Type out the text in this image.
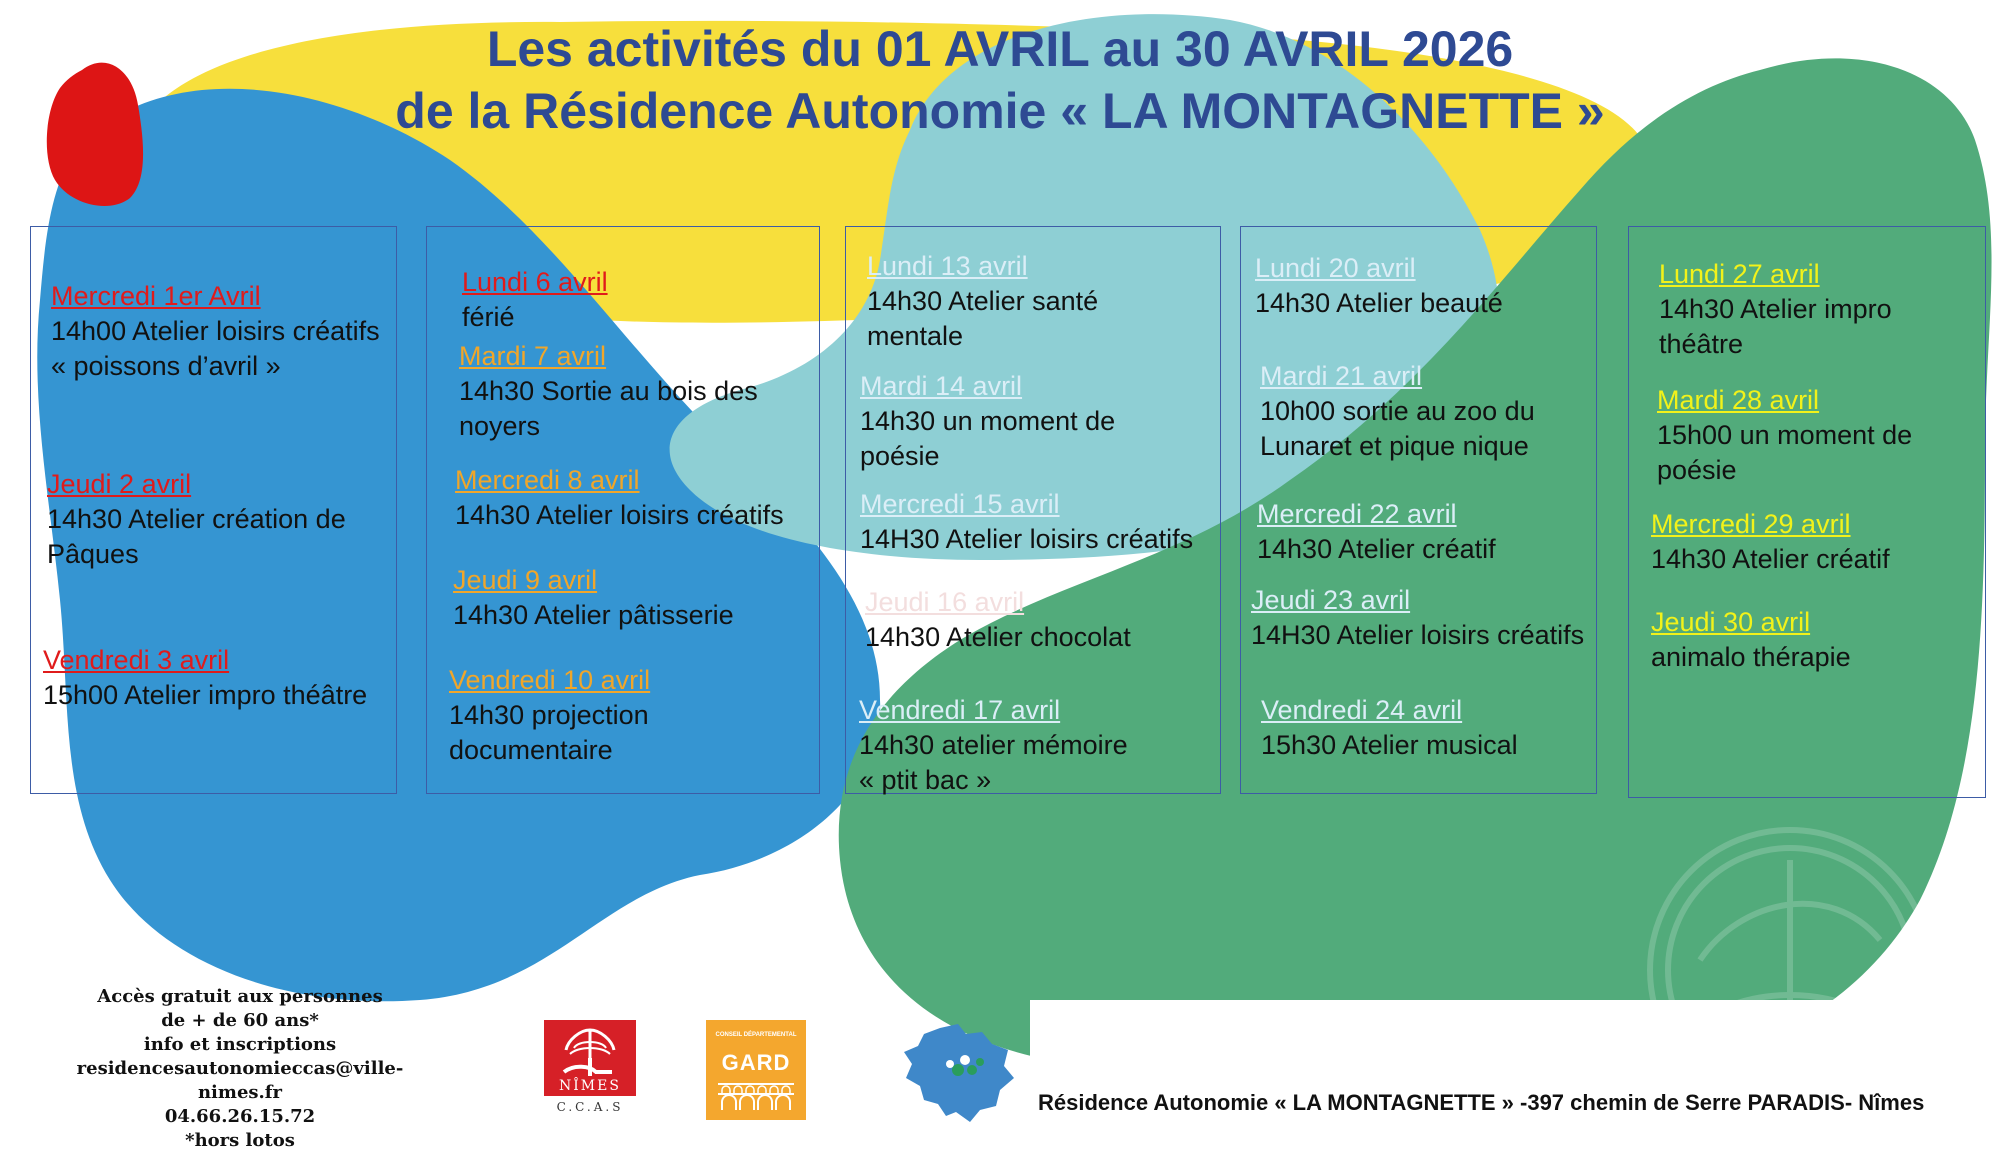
Les activités du 01 AVRIL au 30 AVRIL 2026
de la Résidence Autonomie « LA MONTAGNETTE »
Mercredi 1er Avril
14h00 Atelier loisirs créatifs
« poissons d’avril »
Jeudi 2 avril
14h30 Atelier création de
Pâques
Vendredi 3 avril
15h00 Atelier impro théâtre
Lundi 6 avril
férié
Mardi 7 avril
14h30 Sortie au bois des
noyers
Mercredi 8 avril
14h30 Atelier loisirs créatifs
Jeudi 9 avril
14h30 Atelier pâtisserie
Vendredi 10 avril
14h30 projection
documentaire
Lundi 13 avril
14h30 Atelier santé
mentale
Mardi 14 avril
14h30 un moment de
poésie
Mercredi 15 avril
14H30 Atelier loisirs créatifs
Jeudi 16 avril
14h30 Atelier chocolat
Vendredi 17 avril
14h30 atelier mémoire
« ptit bac »
Lundi 20 avril
14h30 Atelier beauté
Mardi 21 avril
10h00 sortie au zoo du
Lunaret et pique nique
Mercredi 22 avril
14h30 Atelier créatif
Jeudi 23 avril
14H30 Atelier loisirs créatifs
Vendredi 24 avril
15h30 Atelier musical
Lundi 27 avril
14h30 Atelier impro
théâtre
Mardi 28 avril
15h00 un moment de
poésie
Mercredi 29 avril
14h30 Atelier créatif
Jeudi 30 avril
animalo thérapie
Accès gratuit aux personnes
de + de 60 ans*
info et inscriptions
residencesautonomieccas@ville-nimes.fr
04.66.26.15.72
*hors lotos
NÎMES
C.C.A.S
CONSEIL DÉPARTEMENTAL
GARD
Résidence Autonomie « LA MONTAGNETTE » -397 chemin de Serre PARADIS- Nîmes
